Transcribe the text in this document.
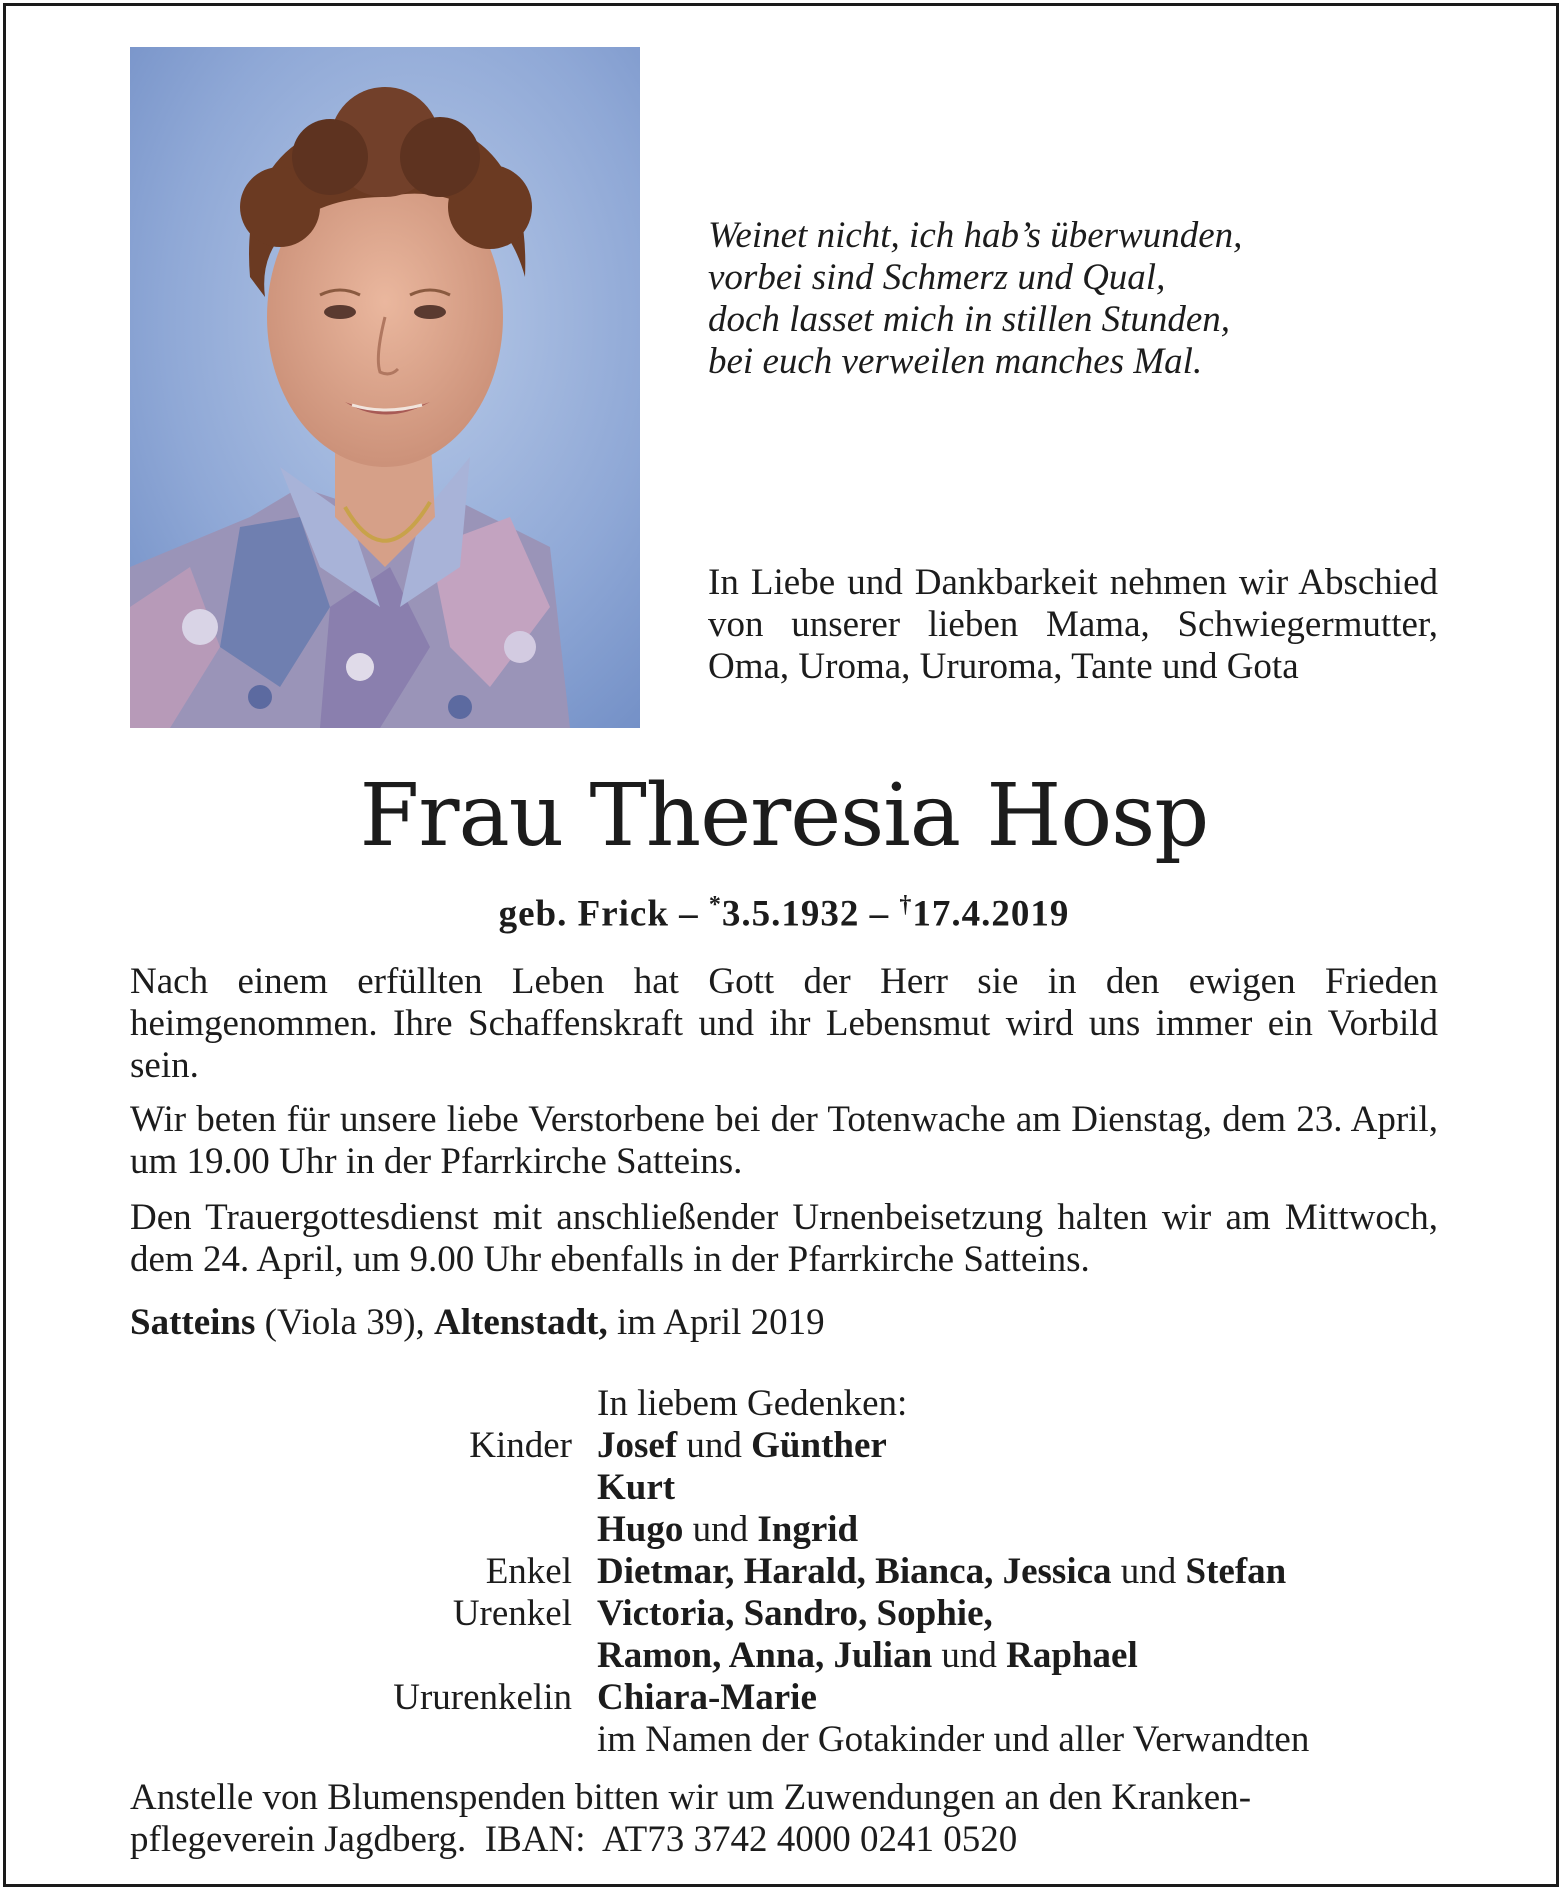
Weinet nicht, ich hab’s überwunden,
vorbei sind Schmerz und Qual,
doch lasset mich in stillen Stunden,
bei euch verweilen manches Mal.
In Liebe und Dankbarkeit nehmen wir Abschied von unserer lieben Mama, Schwiegermutter, Oma, Uroma, Ururoma, Tante und Gota
Frau Theresia Hosp
geb. Frick – *3.5.1932 – †17.4.2019
Nach einem erfüllten Leben hat Gott der Herr sie in den ewigen Frieden heimgenommen. Ihre Schaffenskraft und ihr Lebensmut wird uns immer ein Vorbild sein.
Wir beten für unsere liebe Verstorbene bei der Totenwache am Dienstag, dem 23. April, um 19.00 Uhr in der Pfarrkirche Satteins.
Den Trauergottesdienst mit anschließender Urnenbeisetzung halten wir am Mittwoch, dem 24. April, um 9.00 Uhr ebenfalls in der Pfarrkirche Satteins.
Satteins (Viola 39), Altenstadt, im April 2019
In liebem Gedenken:
Kinder Josef und Günther
Kurt
Hugo und Ingrid
Enkel Dietmar, Harald, Bianca, Jessica und Stefan
Urenkel Victoria, Sandro, Sophie,
Ramon, Anna, Julian und Raphael
Ururenkelin Chiara-Marie
im Namen der Gotakinder und aller Verwandten
Anstelle von Blumenspenden bitten wir um Zuwendungen an den Kranken-
pflegeverein Jagdberg. IBAN: AT73 3742 4000 0241 0520
